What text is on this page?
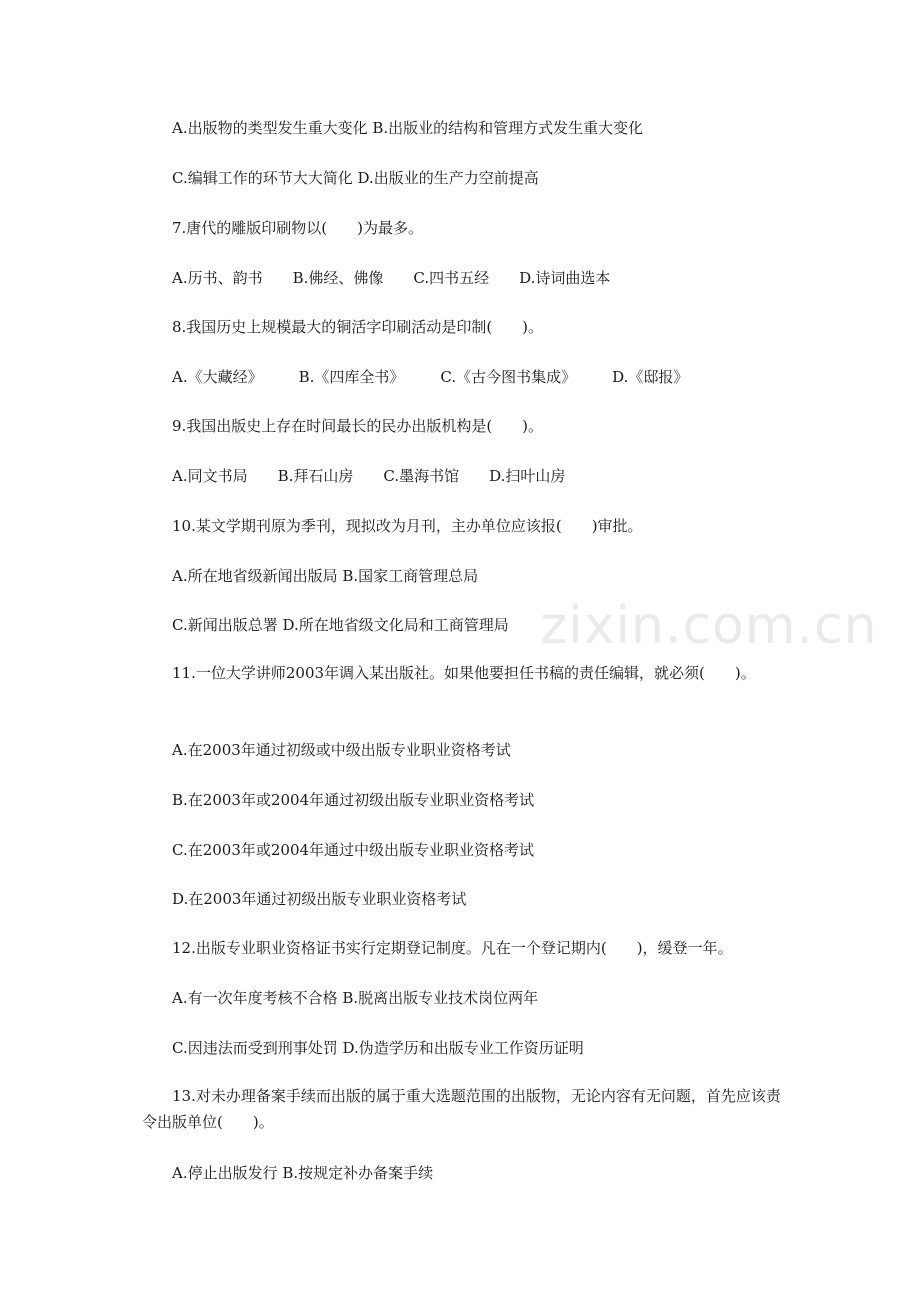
zixin.com.cn
A.出版物的类型发生重大变化 B.出版业的结构和管理方式发生重大变化
C.编辑工作的环节大大简化 D.出版业的生产力空前提高
7.唐代的雕版印刷物以(　　)为最多。
A.历书、韵书 B.佛经、佛像 C.四书五经 D.诗词曲选本
8.我国历史上规模最大的铜活字印刷活动是印制(　　)。
A.《大藏经》 B.《四库全书》 C.《古今图书集成》 D.《邸报》
9.我国出版史上存在时间最长的民办出版机构是(　　)。
A.同文书局 B.拜石山房 C.墨海书馆 D.扫叶山房
10.某文学期刊原为季刊，现拟改为月刊，主办单位应该报(　　)审批。
A.所在地省级新闻出版局 B.国家工商管理总局
C.新闻出版总署 D.所在地省级文化局和工商管理局
11.一位大学讲师2003年调入某出版社。如果他要担任书稿的责任编辑，就必须(　　)。
A.在2003年通过初级或中级出版专业职业资格考试
B.在2003年或2004年通过初级出版专业职业资格考试
C.在2003年或2004年通过中级出版专业职业资格考试
D.在2003年通过初级出版专业职业资格考试
12.出版专业职业资格证书实行定期登记制度。凡在一个登记期内(　　)，缓登一年。
A.有一次年度考核不合格 B.脱离出版专业技术岗位两年
C.因违法而受到刑事处罚 D.伪造学历和出版专业工作资历证明
13.对未办理备案手续而出版的属于重大选题范围的出版物，无论内容有无问题，首先应该责令出版单位(　　)。
A.停止出版发行 B.按规定补办备案手续
